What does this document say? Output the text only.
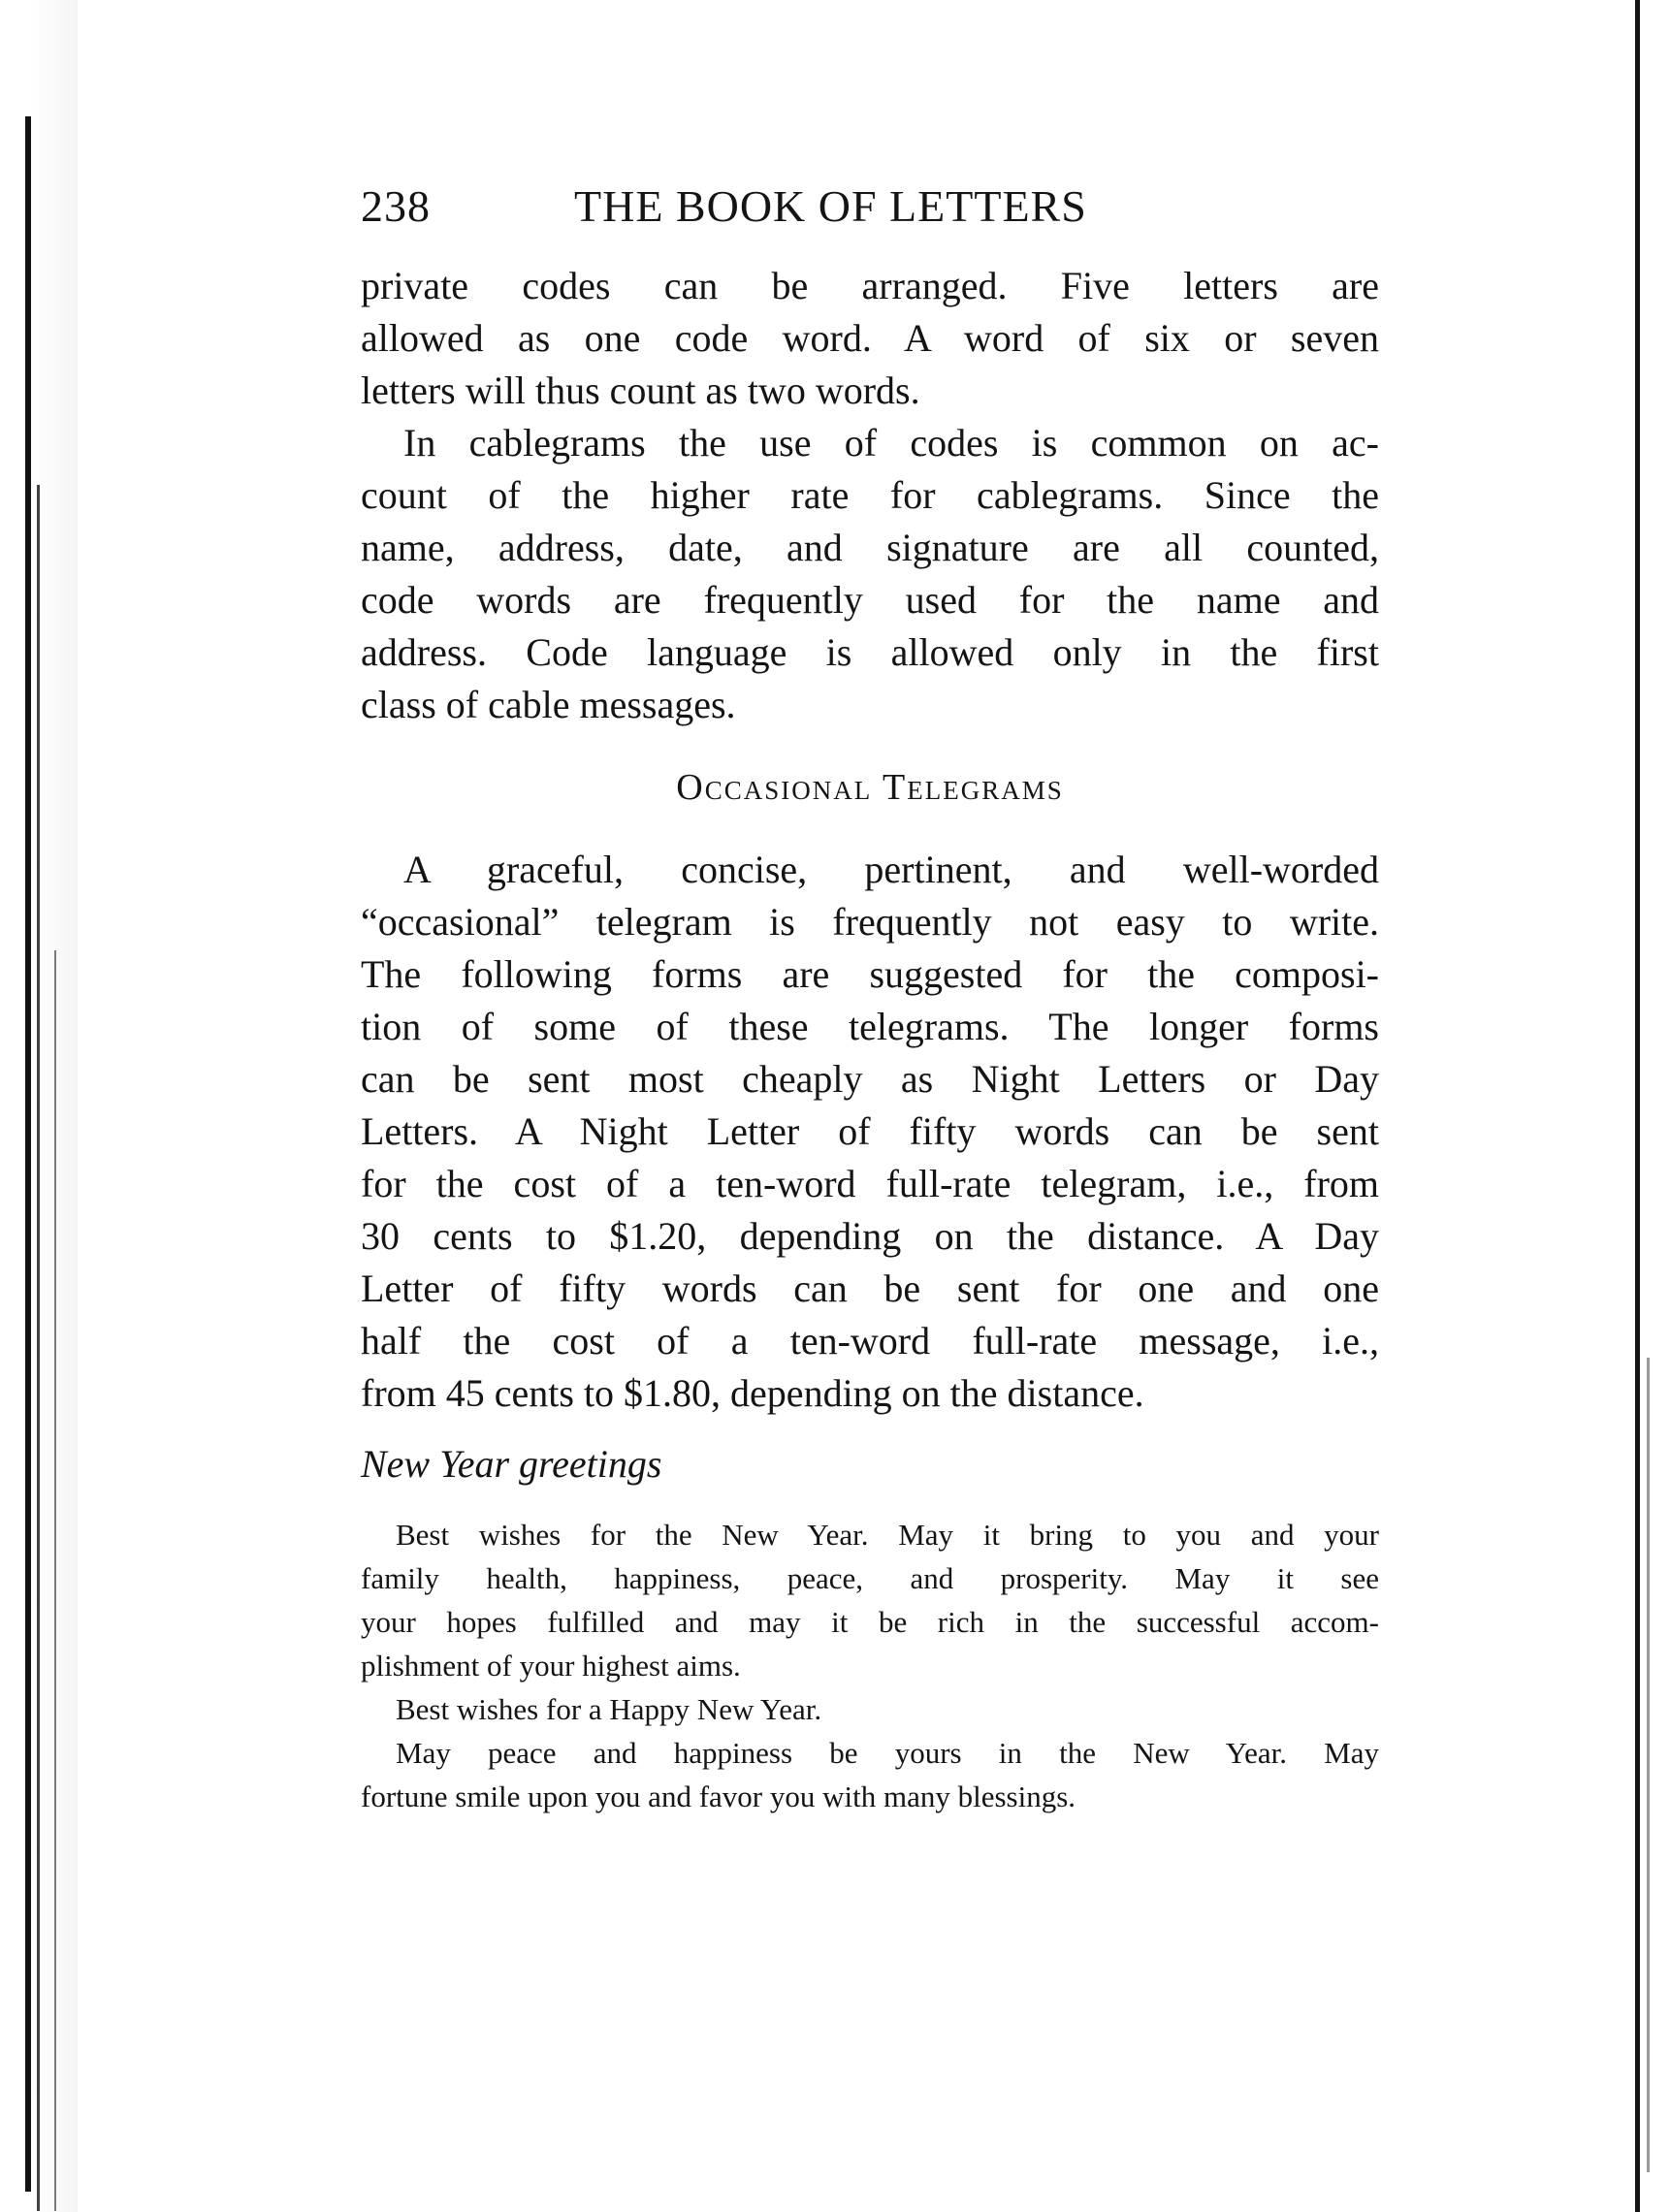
238	THE BOOK OF LETTERS
private codes can be arranged. Five letters are
allowed as one code word. A word of six or seven
letters will thus count as two words.
In cablegrams the use of codes is common on ac-
count of the higher rate for cablegrams. Since the
name, address, date, and signature are all counted,
code words are frequently used for the name and
address. Code language is allowed only in the first
class of cable messages.
Occasional Telegrams
A graceful, concise, pertinent, and well-worded
“occasional” telegram is frequently not easy to write.
The following forms are suggested for the composi-
tion of some of these telegrams. The longer forms
can be sent most cheaply as Night Letters or Day
Letters. A Night Letter of fifty words can be sent
for the cost of a ten-word full-rate telegram, i.e., from
30 cents to $1.20, depending on the distance. A Day
Letter of fifty words can be sent for one and one
half the cost of a ten-word full-rate message, i.e.,
from 45 cents to $1.80, depending on the distance.
New Year greetings
Best wishes for the New Year. May it bring to you and your
family health, happiness, peace, and prosperity. May it see
your hopes fulfilled and may it be rich in the successful accom-
plishment of your highest aims.
Best wishes for a Happy New Year.
May peace and happiness be yours in the New Year. May
fortune smile upon you and favor you with many blessings.
